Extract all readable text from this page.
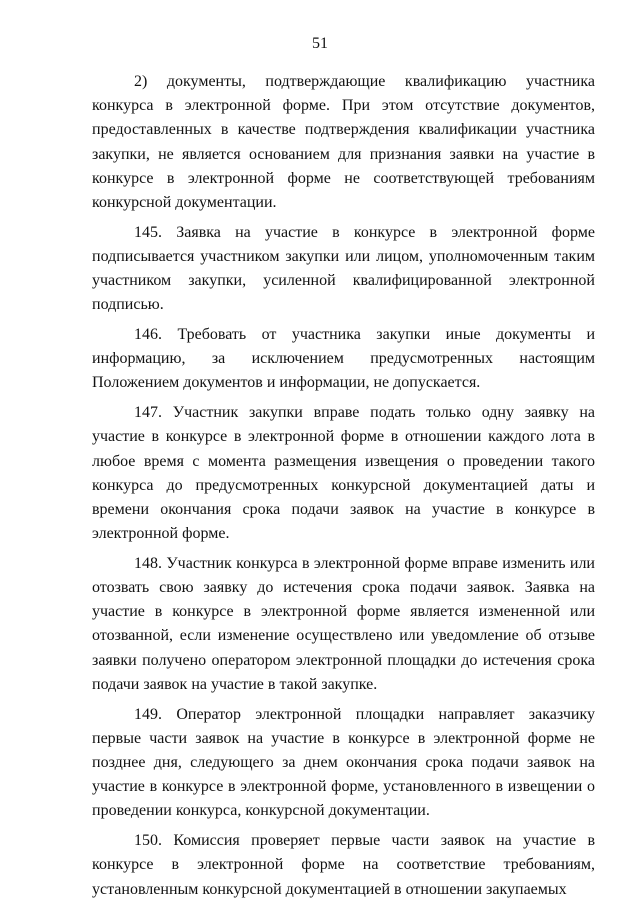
51

2) документы, подтверждающие квалификацию участника конкурса в электронной форме. При этом отсутствие документов, предоставленных в качестве подтверждения квалификации участника закупки, не является основанием для признания заявки на участие в конкурсе в электронной форме не соответствующей требованиям конкурсной документации.

145. Заявка на участие в конкурсе в электронной форме подписывается участником закупки или лицом, уполномоченным таким участником закупки, усиленной квалифицированной электронной подписью.

146. Требовать от участника закупки иные документы и информацию, за исключением предусмотренных настоящим Положением документов и информации, не допускается.

147. Участник закупки вправе подать только одну заявку на участие в конкурсе в электронной форме в отношении каждого лота в любое время с момента размещения извещения о проведении такого конкурса до предусмотренных конкурсной документацией даты и времени окончания срока подачи заявок на участие в конкурсе в электронной форме.

148. Участник конкурса в электронной форме вправе изменить или отозвать свою заявку до истечения срока подачи заявок. Заявка на участие в конкурсе в электронной форме является измененной или отозванной, если изменение осуществлено или уведомление об отзыве заявки получено оператором электронной площадки до истечения срока подачи заявок на участие в такой закупке.

149. Оператор электронной площадки направляет заказчику первые части заявок на участие в конкурсе в электронной форме не позднее дня, следующего за днем окончания срока подачи заявок на участие в конкурсе в электронной форме, установленного в извещении о проведении конкурса, конкурсной документации.

150. Комиссия проверяет первые части заявок на участие в конкурсе в электронной форме на соответствие требованиям, установленным конкурсной документацией в отношении закупаемых
